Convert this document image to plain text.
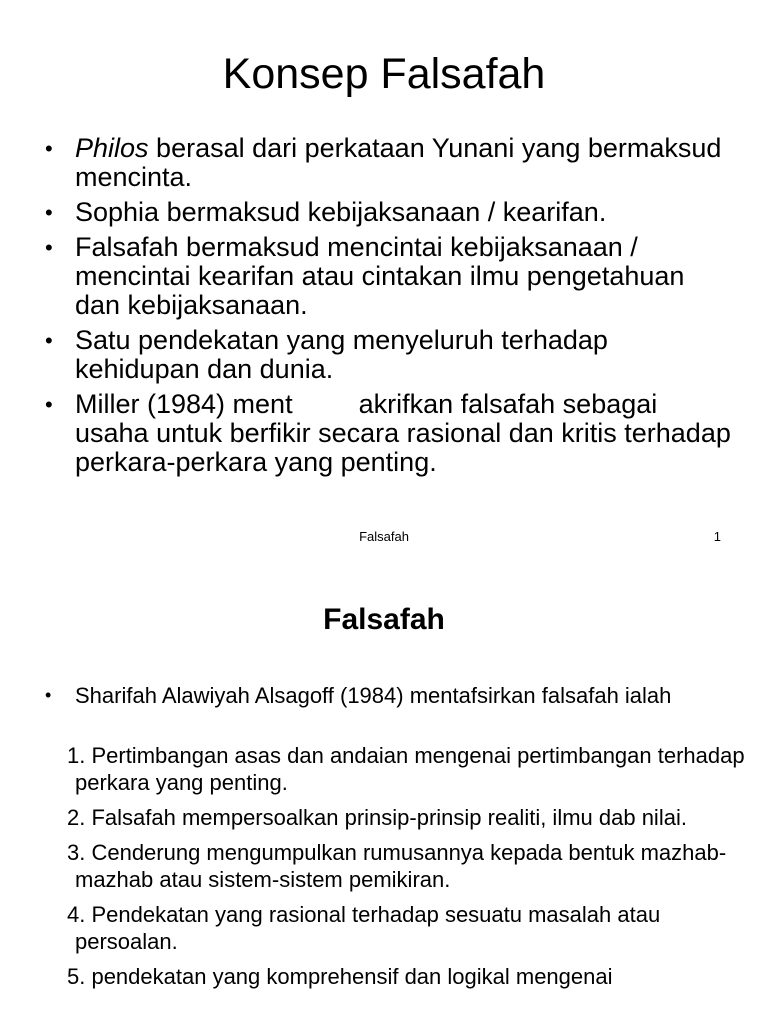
Konsep Falsafah
• Philos berasal dari perkataan Yunani yang bermaksud mencinta.
• Sophia bermaksud kebijaksanaan / kearifan.
• Falsafah bermaksud mencintai kebijaksanaan / mencintai kearifan atau cintakan ilmu pengetahuan dan kebijaksanaan.
• Satu pendekatan yang menyeluruh terhadap kehidupan dan dunia.
• Miller (1984) ment akrifkan falsafah sebagai usaha untuk berfikir secara rasional dan kritis terhadap perkara-perkara yang penting.
Falsafah	1
Falsafah
• Sharifah Alawiyah Alsagoff (1984) mentafsirkan falsafah ialah
1. Pertimbangan asas dan andaian mengenai pertimbangan terhadap perkara yang penting.
2. Falsafah mempersoalkan prinsip-prinsip realiti, ilmu dab nilai.
3. Cenderung mengumpulkan rumusannya kepada bentuk mazhab-mazhab atau sistem-sistem pemikiran.
4. Pendekatan yang rasional terhadap sesuatu masalah atau persoalan.
5. pendekatan yang komprehensif dan logikal mengenai
